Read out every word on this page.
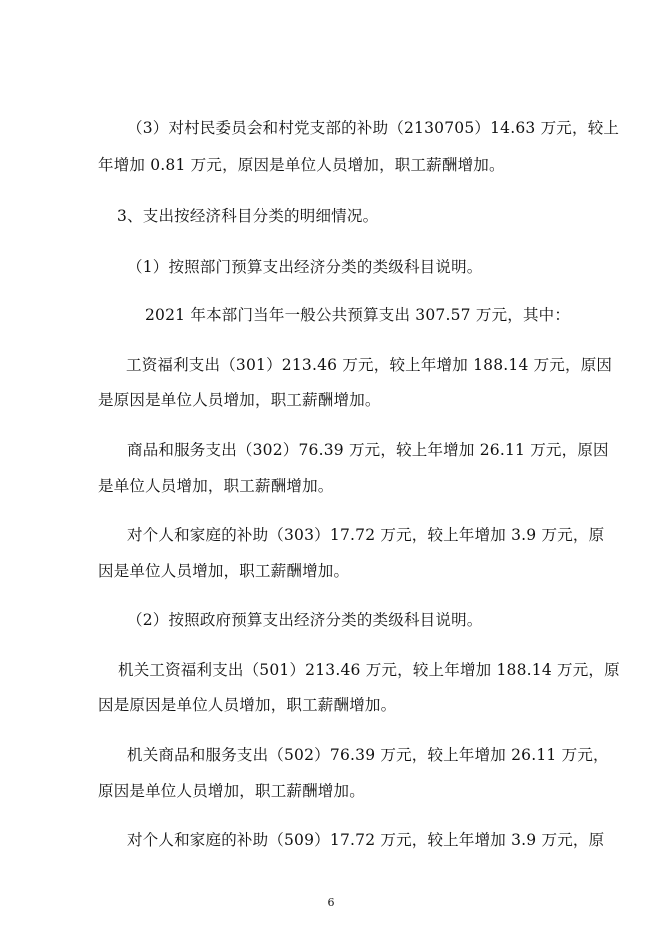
（3）对村民委员会和村党支部的补助（2130705）14.63 万元，较上
年增加 0.81 万元，原因是单位人员增加，职工薪酬增加。
3、支出按经济科目分类的明细情况。
（1）按照部门预算支出经济分类的类级科目说明。
2021 年本部门当年一般公共预算支出 307.57 万元，其中：
工资福利支出（301）213.46 万元，较上年增加 188.14 万元，原因
是原因是单位人员增加，职工薪酬增加。
商品和服务支出（302）76.39 万元，较上年增加 26.11 万元，原因
是单位人员增加，职工薪酬增加。
对个人和家庭的补助（303）17.72 万元，较上年增加 3.9 万元，原
因是单位人员增加，职工薪酬增加。
（2）按照政府预算支出经济分类的类级科目说明。
机关工资福利支出（501）213.46 万元，较上年增加 188.14 万元，原
因是原因是单位人员增加，职工薪酬增加。
机关商品和服务支出（502）76.39 万元，较上年增加 26.11 万元，
原因是单位人员增加，职工薪酬增加。
对个人和家庭的补助（509）17.72 万元，较上年增加 3.9 万元，原
6
